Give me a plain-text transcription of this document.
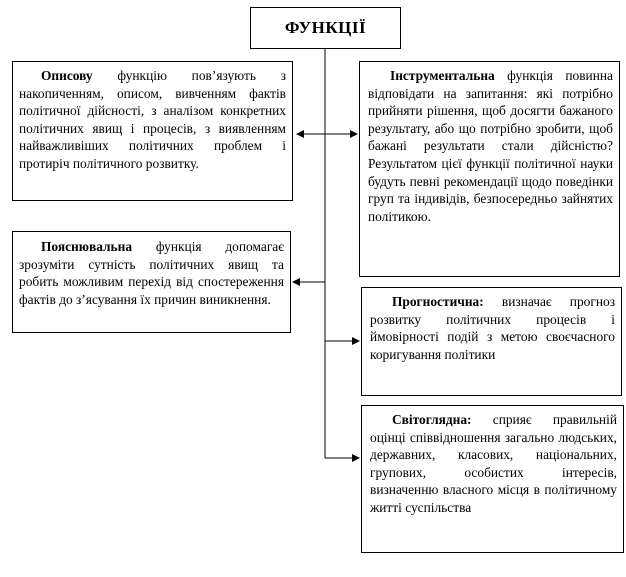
ФУНКЦІЇ
Описову функцію пов’язують з накопиченням, описом, вивченням фактів політичної дійсності, з аналізом конкретних політичних явищ і процесів, з виявленням найважливіших політичних проблем і протиріч політичного розвитку.
Інструментальна функція повинна відповідати на запитання: які потрібно прийняти рішення, щоб досягти бажаного результату, або що потрібно зробити, щоб бажані результати стали дійсністю? Результатом цієї функції політичної науки будуть певні рекомендації щодо поведінки груп та індивідів, безпосередньо зайнятих політикою.
Пояснювальна функція допомагає зрозуміти сутність політичних явищ та робить можливим перехід від спостереження фактів до з’ясування їх причин виникнення.	Прогностична: визначає прогноз розвитку політичних процесів і ймовірності подій з метою своєчасного коригування політики
Світоглядна: сприяє правильній оцінці співвідношення загально людських, державних, класових, національних, групових, особистих інтересів, визначенню власного місця в політичному житті суспільства
